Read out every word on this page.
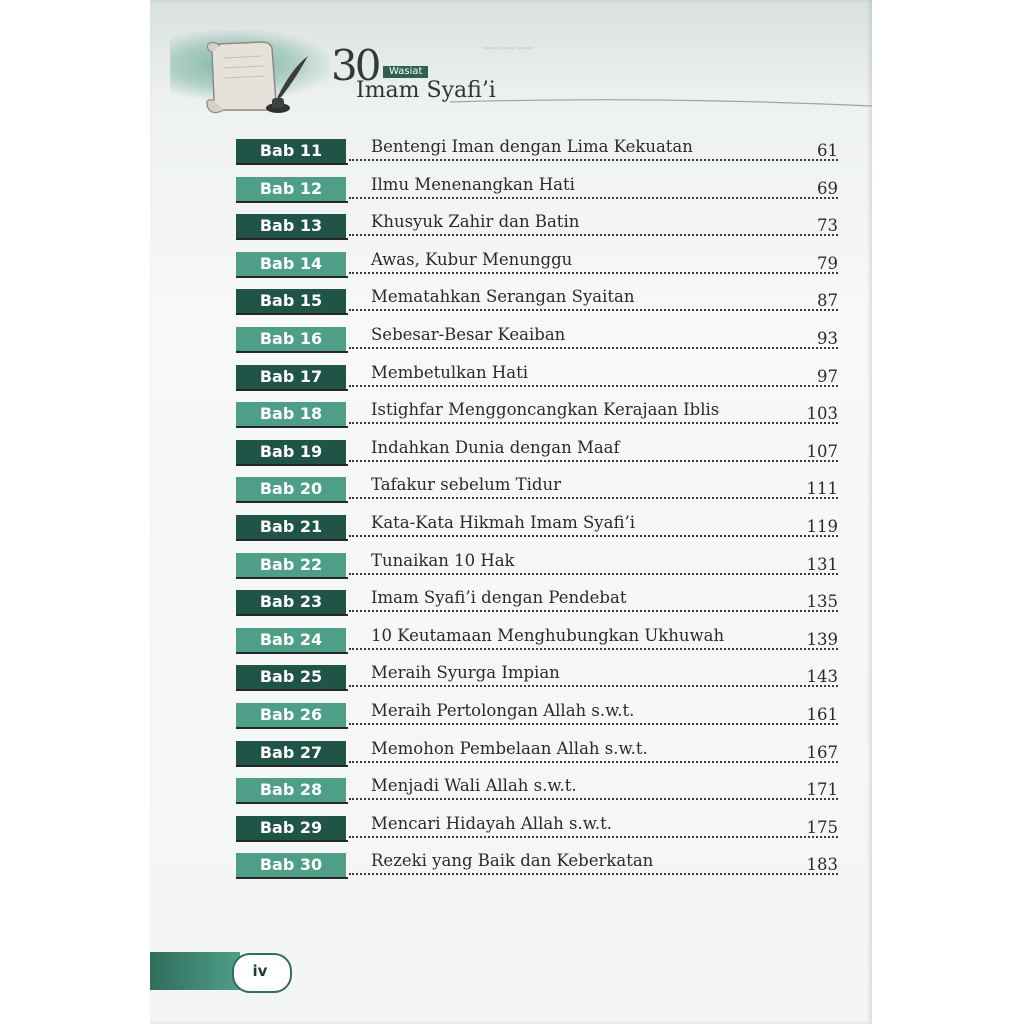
───
30	Wasiat
Imam Syafi’i
Bab 11	Bentengi Iman dengan Lima Kekuatan	61
Bab 12	Ilmu Menenangkan Hati	69
Bab 13	Khusyuk Zahir dan Batin	73
Bab 14	Awas, Kubur Menunggu	79
Bab 15	Mematahkan Serangan Syaitan	87
Bab 16	Sebesar-Besar Keaiban	93
Bab 17	Membetulkan Hati	97
Bab 18	Istighfar Menggoncangkan Kerajaan Iblis	103
Bab 19	Indahkan Dunia dengan Maaf	107
Bab 20	Tafakur sebelum Tidur	111
Bab 21	Kata-Kata Hikmah Imam Syafi’i	119
Bab 22	Tunaikan 10 Hak	131
Bab 23	Imam Syafi’i dengan Pendebat	135
Bab 24	10 Keutamaan Menghubungkan Ukhuwah	139
Bab 25	Meraih Syurga Impian	143
Bab 26	Meraih Pertolongan Allah s.w.t.	161
Bab 27	Memohon Pembelaan Allah s.w.t.	167
Bab 28	Menjadi Wali Allah s.w.t.	171
Bab 29	Mencari Hidayah Allah s.w.t.	175
Bab 30	Rezeki yang Baik dan Keberkatan	183
iv
